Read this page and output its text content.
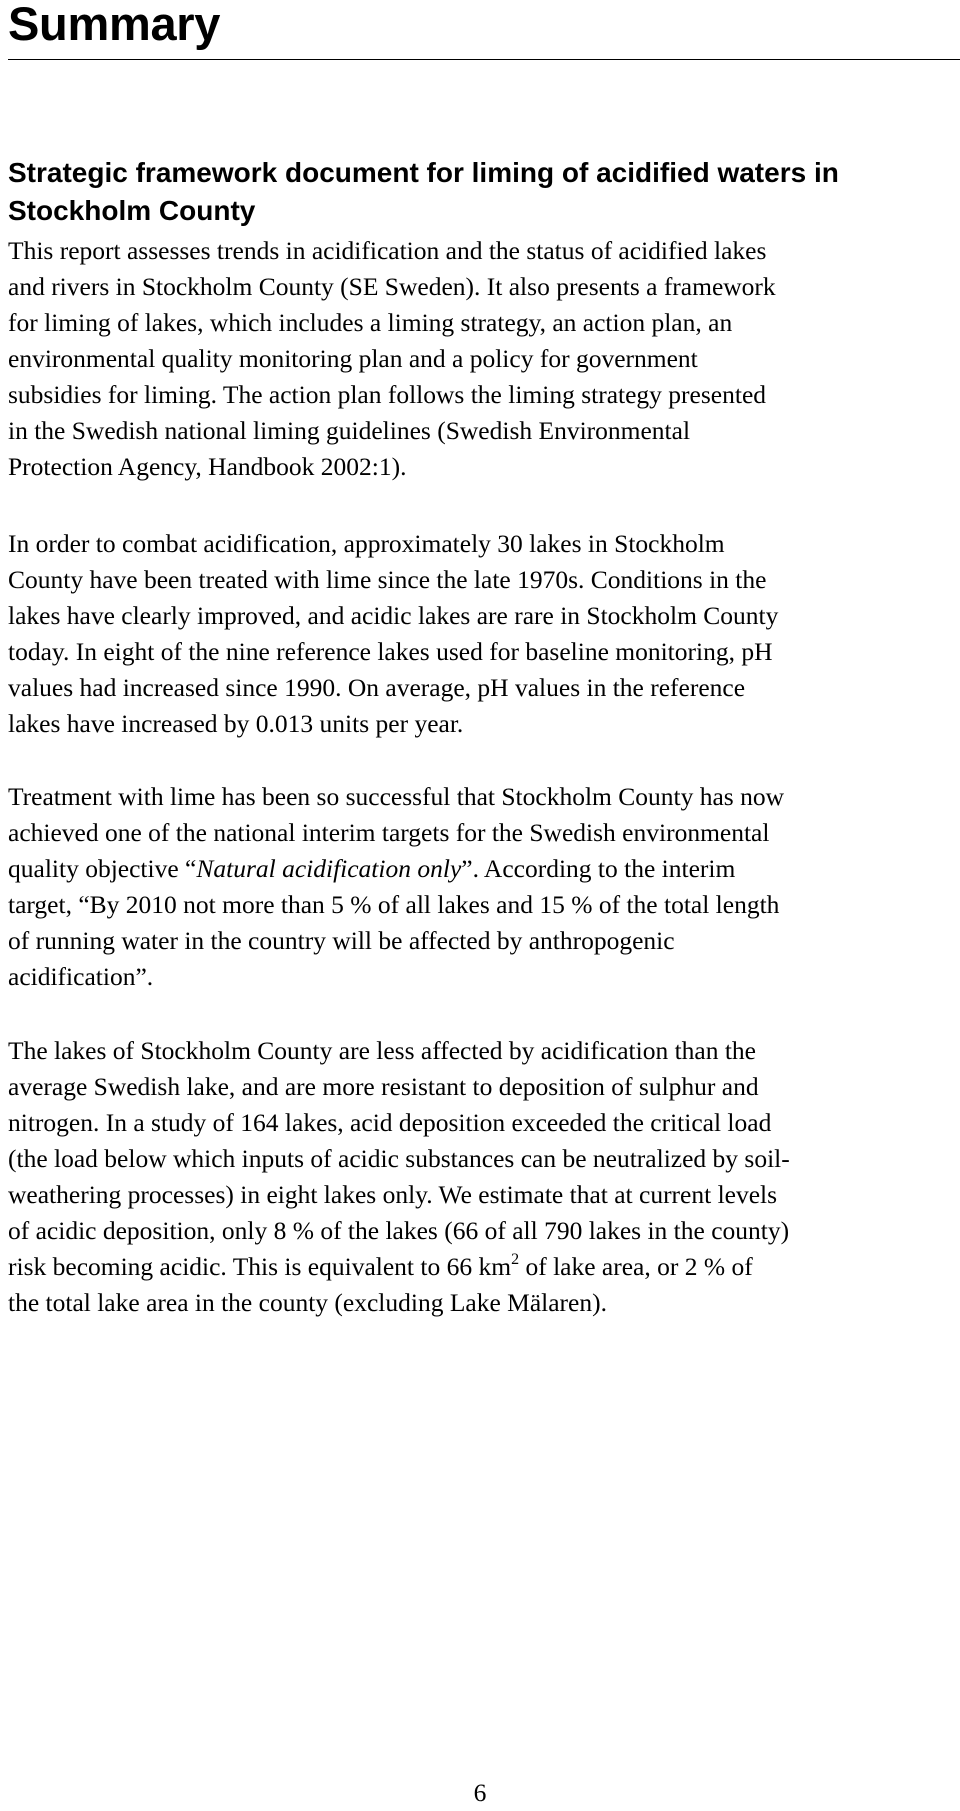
Summary
Strategic framework document for liming of acidified waters in Stockholm County

This report assesses trends in acidification and the status of acidified lakes
and rivers in Stockholm County (SE Sweden). It also presents a framework
for liming of lakes, which includes a liming strategy, an action plan, an
environmental quality monitoring plan and a policy for government
subsidies for liming. The action plan follows the liming strategy presented
in the Swedish national liming guidelines (Swedish Environmental
Protection Agency, Handbook 2002:1).

In order to combat acidification, approximately 30 lakes in Stockholm
County have been treated with lime since the late 1970s. Conditions in the
lakes have clearly improved, and acidic lakes are rare in Stockholm County
today. In eight of the nine reference lakes used for baseline monitoring, pH
values had increased since 1990. On average, pH values in the reference
lakes have increased by 0.013 units per year.

Treatment with lime has been so successful that Stockholm County has now
achieved one of the national interim targets for the Swedish environmental
quality objective “Natural acidification only”. According to the interim
target, “By 2010 not more than 5 % of all lakes and 15 % of the total length
of running water in the country will be affected by anthropogenic
acidification”.

The lakes of Stockholm County are less affected by acidification than the
average Swedish lake, and are more resistant to deposition of sulphur and
nitrogen. In a study of 164 lakes, acid deposition exceeded the critical load
(the load below which inputs of acidic substances can be neutralized by soil-
weathering processes) in eight lakes only. We estimate that at current levels
of acidic deposition, only 8 % of the lakes (66 of all 790 lakes in the county)
risk becoming acidic. This is equivalent to 66 $km^2$ of lake area, or 2 % of
the total lake area in the county (excluding Lake Mälaren).

6
